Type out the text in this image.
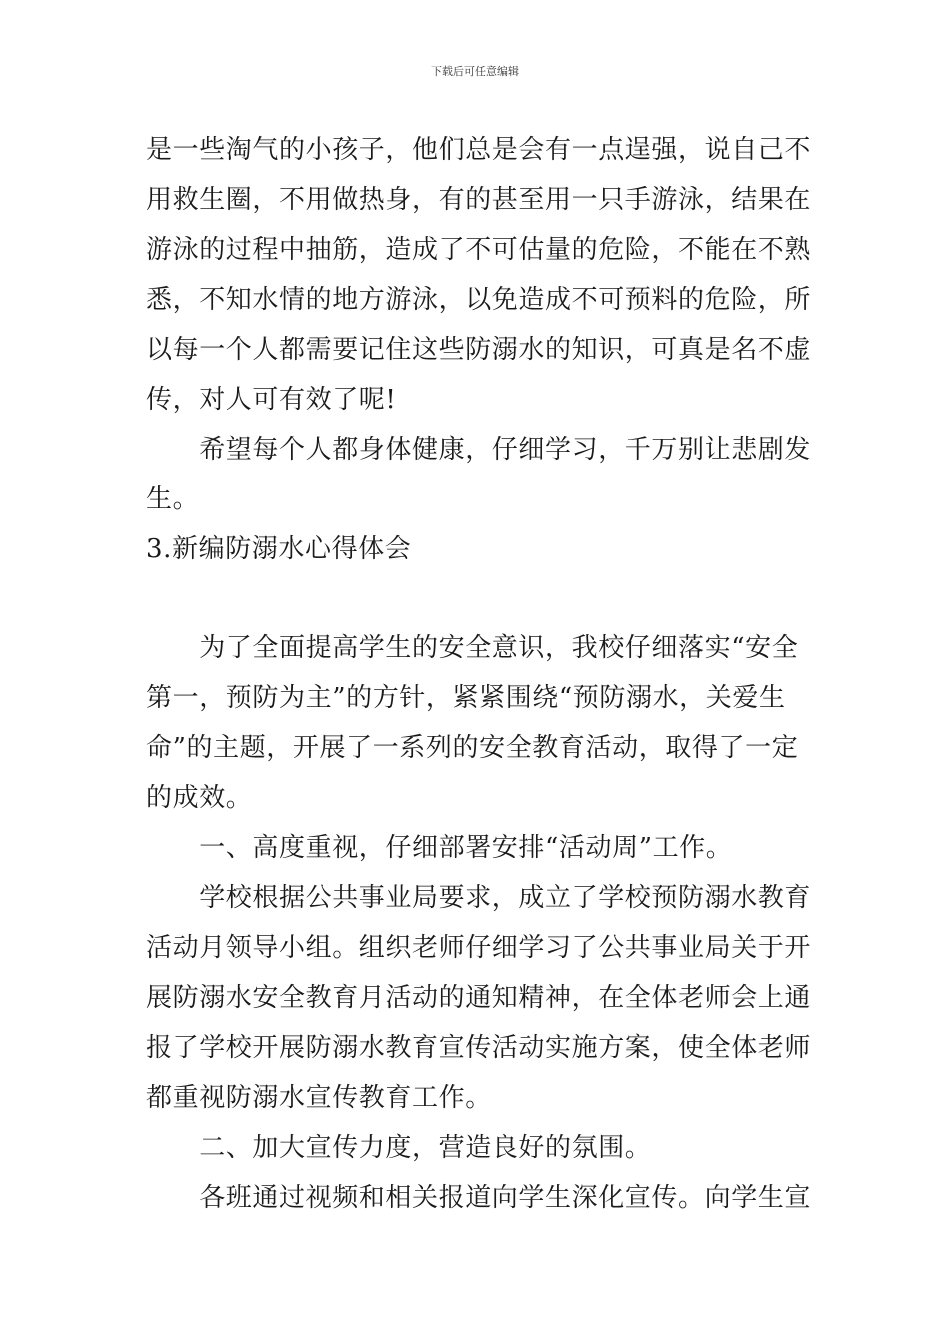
下载后可任意编辑
是一些淘气的小孩子，他们总是会有一点逞强，说自己不
用救生圈，不用做热身，有的甚至用一只手游泳，结果在
游泳的过程中抽筋，造成了不可估量的危险，不能在不熟
悉，不知水情的地方游泳，以免造成不可预料的危险，所
以每一个人都需要记住这些防溺水的知识，可真是名不虚
传，对人可有效了呢!
　　希望每个人都身体健康，仔细学习，千万别让悲剧发
生。
3.新编防溺水心得体会
　　为了全面提高学生的安全意识，我校仔细落实“安全
第一，预防为主”的方针，紧紧围绕“预防溺水，关爱生
命”的主题，开展了一系列的安全教育活动，取得了一定
的成效。
　　一、高度重视，仔细部署安排“活动周”工作。
　　学校根据公共事业局要求，成立了学校预防溺水教育
活动月领导小组。组织老师仔细学习了公共事业局关于开
展防溺水安全教育月活动的通知精神，在全体老师会上通
报了学校开展防溺水教育宣传活动实施方案，使全体老师
都重视防溺水宣传教育工作。
　　二、加大宣传力度，营造良好的氛围。
　　各班通过视频和相关报道向学生深化宣传。向学生宣
